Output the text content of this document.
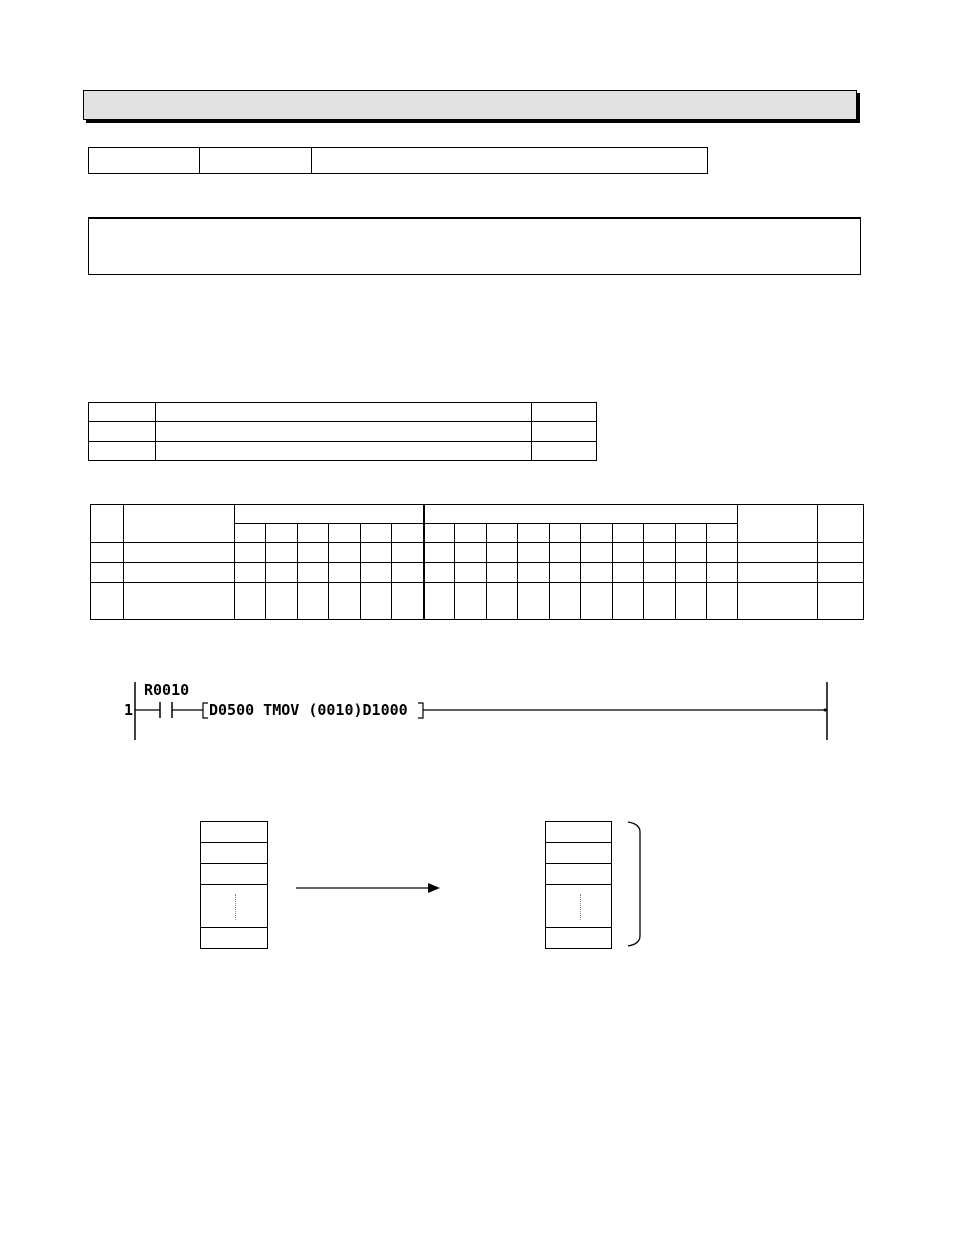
1
R0010
D0500 TMOV (0010)D1000
